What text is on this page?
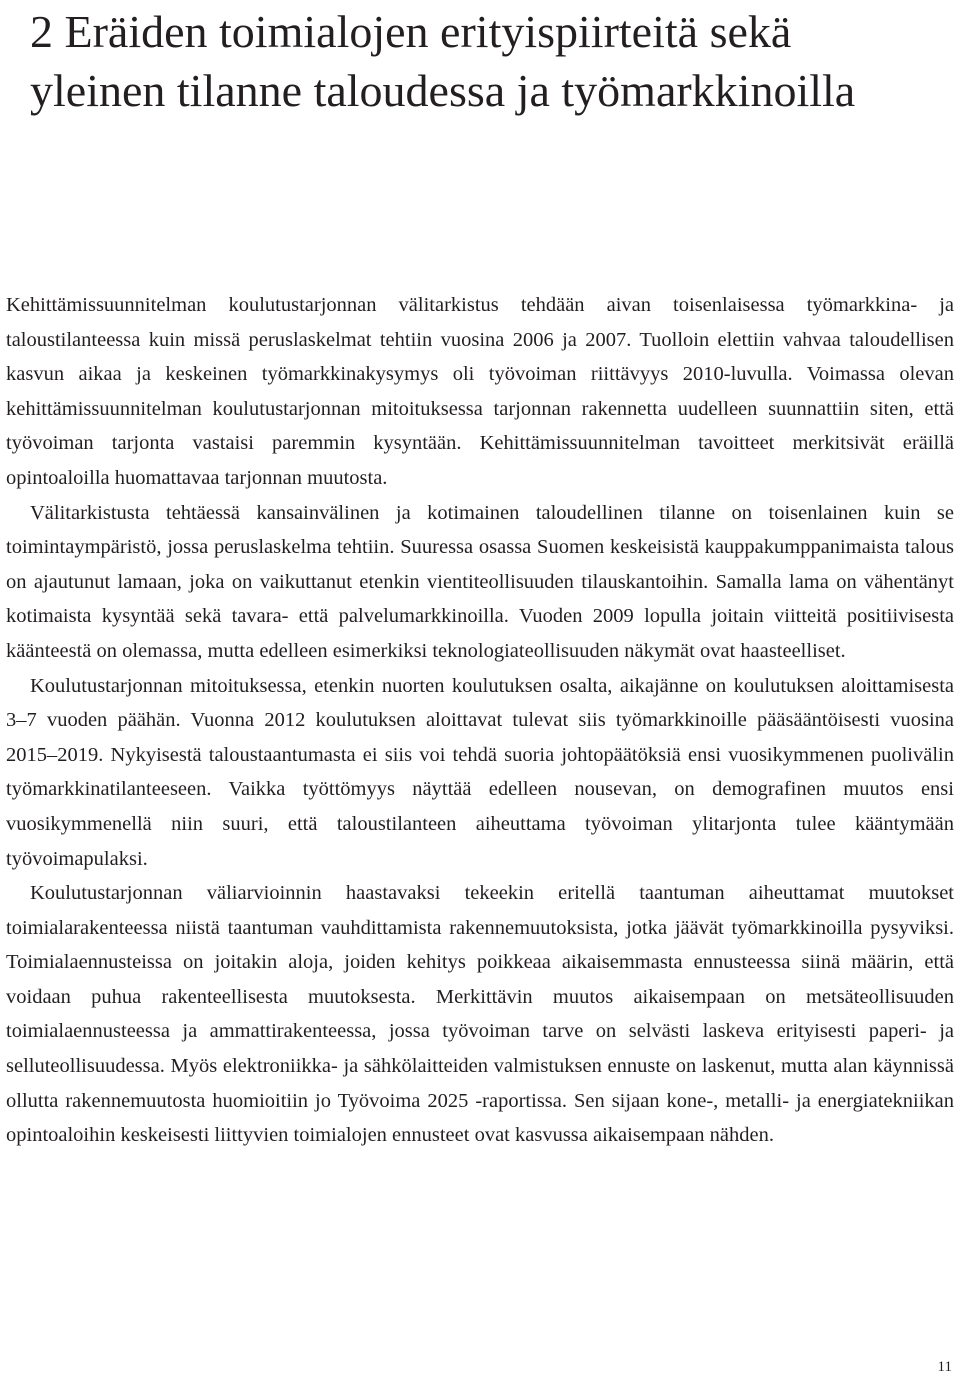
2 Eräiden toimialojen erityispiirteitä sekä yleinen tilanne taloudessa ja työmarkkinoilla

Kehittämissuunnitelman koulutustarjonnan välitarkistus tehdään aivan toisenlaisessa työmarkkina- ja taloustilanteessa kuin missä peruslaskelmat tehtiin vuosina 2006 ja 2007. Tuolloin elettiin vahvaa taloudellisen kasvun aikaa ja keskeinen työmarkkinakysymys oli työvoiman riittävyys 2010-luvulla. Voimassa olevan kehittämissuunnitelman koulutustarjonnan mitoituksessa tarjonnan rakennetta uudelleen suunnattiin siten, että työvoiman tarjonta vastaisi paremmin kysyntään. Kehittämissuunnitelman tavoitteet merkitsivät eräillä opintoaloilla huomattavaa tarjonnan muutosta.

Välitarkistusta tehtäessä kansainvälinen ja kotimainen taloudellinen tilanne on toisenlainen kuin se toimintaympäristö, jossa peruslaskelma tehtiin. Suuressa osassa Suomen keskeisistä kauppakumppanimaista talous on ajautunut lamaan, joka on vaikuttanut etenkin vientiteollisuuden tilauskantoihin. Samalla lama on vähentänyt kotimaista kysyntää sekä tavara- että palvelumarkkinoilla. Vuoden 2009 lopulla joitain viitteitä positiivisesta käänteestä on olemassa, mutta edelleen esimerkiksi teknologiateollisuuden näkymät ovat haasteelliset.

Koulutustarjonnan mitoituksessa, etenkin nuorten koulutuksen osalta, aikajänne on koulutuksen aloittamisesta 3–7 vuoden päähän. Vuonna 2012 koulutuksen aloittavat tulevat siis työmarkkinoille pääsääntöisesti vuosina 2015–2019. Nykyisestä taloustaantumasta ei siis voi tehdä suoria johtopäätöksiä ensi vuosikymmenen puolivälin työmarkkinatilanteeseen. Vaikka työttömyys näyttää edelleen nousevan, on demografinen muutos ensi vuosikymmenellä niin suuri, että taloustilanteen aiheuttama työvoiman ylitarjonta tulee kääntymään työvoimapulaksi.

Koulutustarjonnan väliarvioinnin haastavaksi tekeekin eritellä taantuman aiheuttamat muutokset toimialarakenteessa niistä taantuman vauhdittamista rakennemuutoksista, jotka jäävät työmarkkinoilla pysyviksi. Toimialaennusteissa on joitakin aloja, joiden kehitys poikkeaa aikaisemmasta ennusteessa siinä määrin, että voidaan puhua rakenteellisesta muutoksesta. Merkittävin muutos aikaisempaan on metsäteollisuuden toimialaennusteessa ja ammattirakenteessa, jossa työvoiman tarve on selvästi laskeva erityisesti paperi- ja selluteollisuudessa. Myös elektroniikka- ja sähkölaitteiden valmistuksen ennuste on laskenut, mutta alan käynnissä ollutta rakennemuutosta huomioitiin jo Työvoima 2025 -raportissa. Sen sijaan kone-, metalli- ja energiatekniikan opintoaloihin keskeisesti liittyvien toimialojen ennusteet ovat kasvussa aikaisempaan nähden.

11
